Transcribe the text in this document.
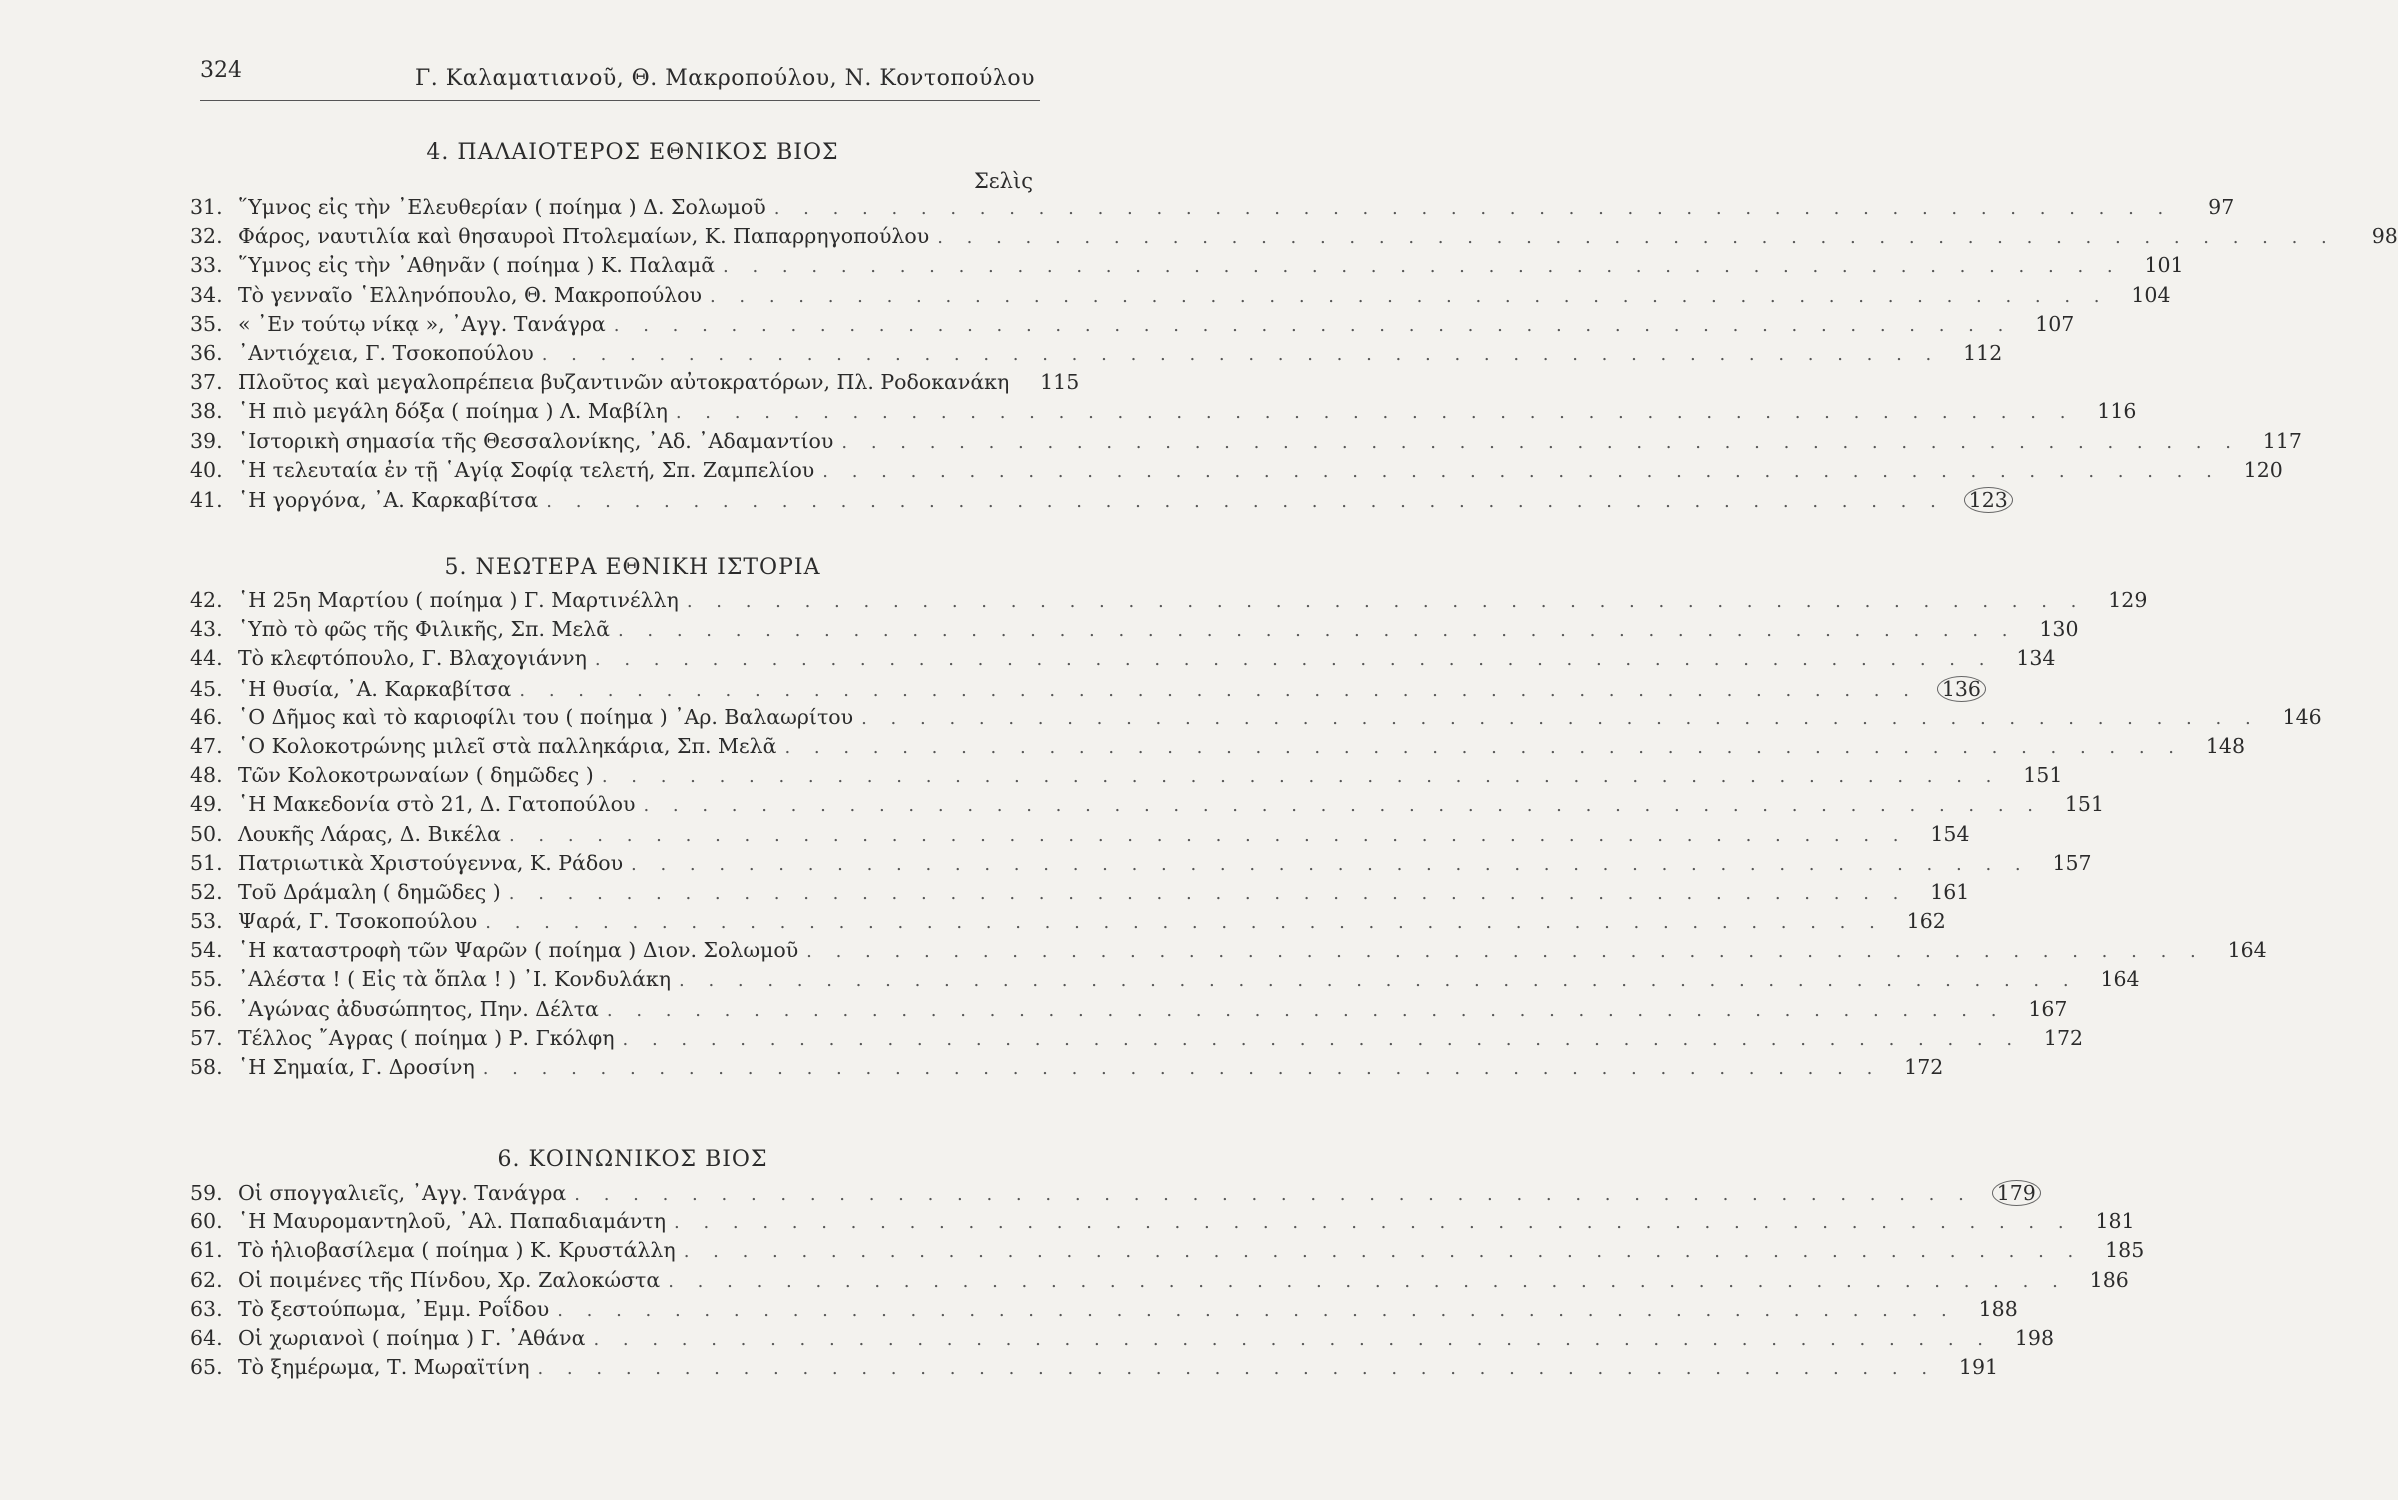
324	Γ. Καλαματιανοῦ, Θ. Μακροπούλου, Ν. Κοντοπούλου
4. ΠΑΛΑΙΟΤΕΡΟΣ ΕΘΝΙΚΟΣ ΒΙΟΣ
Σελὶς
31. ῞Υμνος εἰς τὴν ᾿Ελευθερίαν ( ποίημα ) Δ. Σολωμοῦ . . . . . . . . . . . . . . . . . . . . . . . . . . . . . . . . . . . . . . . . . . . . . . . .	97
32. Φάρος, ναυτιλία καὶ θησαυροὶ Πτολεμαίων, Κ. Παπαρρηγοπούλου . . . . . . . . . . . . . . . . . . . . . . . . . . . . . . . . . . . . . . . . . . . . . . . .	98
33. ῞Υμνος εἰς τὴν ᾿Αθηνᾶν ( ποίημα ) Κ. Παλαμᾶ . . . . . . . . . . . . . . . . . . . . . . . . . . . . . . . . . . . . . . . . . . . . . . . .	101
34. Τὸ γενναῖο ῾Ελληνόπουλο, Θ. Μακροπούλου . . . . . . . . . . . . . . . . . . . . . . . . . . . . . . . . . . . . . . . . . . . . . . . .	104
35. « ᾿Εν τούτῳ νίκᾳ », ᾿Αγγ. Τανάγρα . . . . . . . . . . . . . . . . . . . . . . . . . . . . . . . . . . . . . . . . . . . . . . . .	107
36. ᾿Αντιόχεια, Γ. Τσοκοπούλου . . . . . . . . . . . . . . . . . . . . . . . . . . . . . . . . . . . . . . . . . . . . . . . .	112
37. Πλοῦτος καὶ μεγαλοπρέπεια βυζαντινῶν αὐτοκρατόρων, Πλ. Ροδοκανάκη	115
38. ῾Η πιὸ μεγάλη δόξα ( ποίημα ) Λ. Μαβίλη . . . . . . . . . . . . . . . . . . . . . . . . . . . . . . . . . . . . . . . . . . . . . . . .	116
39. ῾Ιστορικὴ σημασία τῆς Θεσσαλονίκης, ᾿Αδ. ᾿Αδαμαντίου . . . . . . . . . . . . . . . . . . . . . . . . . . . . . . . . . . . . . . . . . . . . . . . .	117
40. ῾Η τελευταία ἐν τῇ ῾Αγίᾳ Σοφίᾳ τελετή, Σπ. Ζαμπελίου . . . . . . . . . . . . . . . . . . . . . . . . . . . . . . . . . . . . . . . . . . . . . . . .	120
41. ῾Η γοργόνα, ᾿Α. Καρκαβίτσα . . . . . . . . . . . . . . . . . . . . . . . . . . . . . . . . . . . . . . . . . . . . . . . .	123
5. ΝΕΩΤΕΡΑ ΕΘΝΙΚΗ ΙΣΤΟΡΙΑ
42. ῾Η 25η Μαρτίου ( ποίημα ) Γ. Μαρτινέλλη . . . . . . . . . . . . . . . . . . . . . . . . . . . . . . . . . . . . . . . . . . . . . . . .	129
43. ῾Υπὸ τὸ φῶς τῆς Φιλικῆς, Σπ. Μελᾶ . . . . . . . . . . . . . . . . . . . . . . . . . . . . . . . . . . . . . . . . . . . . . . . .	130
44. Τὸ κλεφτόπουλο, Γ. Βλαχογιάννη . . . . . . . . . . . . . . . . . . . . . . . . . . . . . . . . . . . . . . . . . . . . . . . .	134
45. ῾Η θυσία, ᾿Α. Καρκαβίτσα . . . . . . . . . . . . . . . . . . . . . . . . . . . . . . . . . . . . . . . . . . . . . . . .	136
46. ῾Ο Δῆμος καὶ τὸ καριοφίλι του ( ποίημα ) ᾿Αρ. Βαλαωρίτου . . . . . . . . . . . . . . . . . . . . . . . . . . . . . . . . . . . . . . . . . . . . . . . .	146
47. ῾Ο Κολοκοτρώνης μιλεῖ στὰ παλληκάρια, Σπ. Μελᾶ . . . . . . . . . . . . . . . . . . . . . . . . . . . . . . . . . . . . . . . . . . . . . . . .	148
48. Τῶν Κολοκοτρωναίων ( δημῶδες ) . . . . . . . . . . . . . . . . . . . . . . . . . . . . . . . . . . . . . . . . . . . . . . . .	151
49. ῾Η Μακεδονία στὸ 21, Δ. Γατοπούλου . . . . . . . . . . . . . . . . . . . . . . . . . . . . . . . . . . . . . . . . . . . . . . . .	151
50. Λουκῆς Λάρας, Δ. Βικέλα . . . . . . . . . . . . . . . . . . . . . . . . . . . . . . . . . . . . . . . . . . . . . . . .	154
51. Πατριωτικὰ Χριστούγεννα, Κ. Ράδου . . . . . . . . . . . . . . . . . . . . . . . . . . . . . . . . . . . . . . . . . . . . . . . .	157
52. Τοῦ Δράμαλη ( δημῶδες ) . . . . . . . . . . . . . . . . . . . . . . . . . . . . . . . . . . . . . . . . . . . . . . . .	161
53. Ψαρά, Γ. Τσοκοπούλου . . . . . . . . . . . . . . . . . . . . . . . . . . . . . . . . . . . . . . . . . . . . . . . .	162
54. ῾Η καταστροφὴ τῶν Ψαρῶν ( ποίημα ) Διον. Σολωμοῦ . . . . . . . . . . . . . . . . . . . . . . . . . . . . . . . . . . . . . . . . . . . . . . . .	164
55. ᾿Αλέστα ! ( Εἰς τὰ ὅπλα ! ) ᾿Ι. Κονδυλάκη . . . . . . . . . . . . . . . . . . . . . . . . . . . . . . . . . . . . . . . . . . . . . . . .	164
56. ᾿Αγώνας ἀδυσώπητος, Πην. Δέλτα . . . . . . . . . . . . . . . . . . . . . . . . . . . . . . . . . . . . . . . . . . . . . . . .	167
57. Τέλλος ῎Αγρας ( ποίημα ) Ρ. Γκόλφη . . . . . . . . . . . . . . . . . . . . . . . . . . . . . . . . . . . . . . . . . . . . . . . .	172
58. ῾Η Σημαία, Γ. Δροσίνη . . . . . . . . . . . . . . . . . . . . . . . . . . . . . . . . . . . . . . . . . . . . . . . .	172
6. ΚΟΙΝΩΝΙΚΟΣ ΒΙΟΣ
59. Οἱ σπογγαλιεῖς, ᾿Αγγ. Τανάγρα . . . . . . . . . . . . . . . . . . . . . . . . . . . . . . . . . . . . . . . . . . . . . . . .	179
60. ῾Η Μαυρομαντηλοῦ, ᾿Αλ. Παπαδιαμάντη . . . . . . . . . . . . . . . . . . . . . . . . . . . . . . . . . . . . . . . . . . . . . . . .	181
61. Τὸ ἡλιοβασίλεμα ( ποίημα ) Κ. Κρυστάλλη . . . . . . . . . . . . . . . . . . . . . . . . . . . . . . . . . . . . . . . . . . . . . . . .	185
62. Οἱ ποιμένες τῆς Πίνδου, Χρ. Ζαλοκώστα . . . . . . . . . . . . . . . . . . . . . . . . . . . . . . . . . . . . . . . . . . . . . . . .	186
63. Τὸ ξεστούπωμα, ᾿Εμμ. Ροΐδου . . . . . . . . . . . . . . . . . . . . . . . . . . . . . . . . . . . . . . . . . . . . . . . .	188
64. Οἱ χωριανοὶ ( ποίημα ) Γ. ᾿Αθάνα . . . . . . . . . . . . . . . . . . . . . . . . . . . . . . . . . . . . . . . . . . . . . . . .	198
65. Τὸ ξημέρωμα, Τ. Μωραϊτίνη . . . . . . . . . . . . . . . . . . . . . . . . . . . . . . . . . . . . . . . . . . . . . . . .	191
